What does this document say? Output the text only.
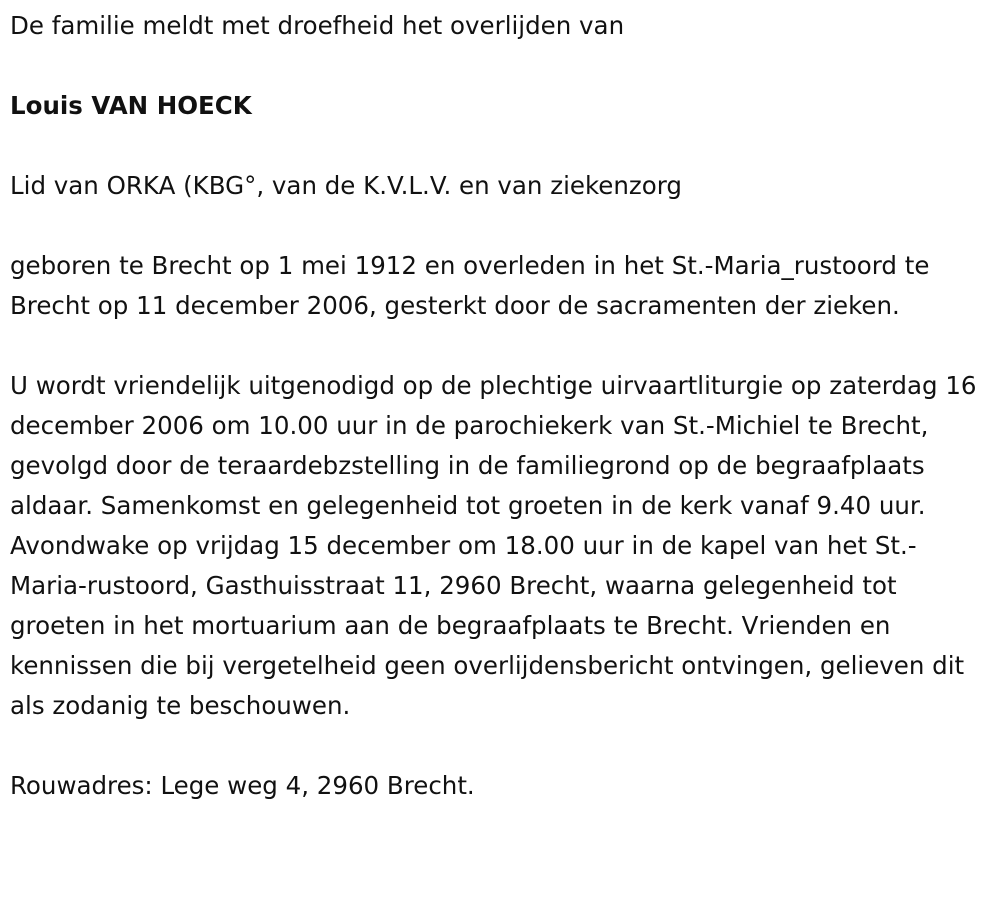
De familie meldt met droefheid het overlijden van

Louis VAN HOECK

Lid van ORKA (KBG°, van de K.V.L.V. en van ziekenzorg

geboren te Brecht op 1 mei 1912 en overleden in het St.-Maria_rustoord te Brecht op 11 december 2006, gesterkt door de sacramenten der zieken.

U wordt vriendelijk uitgenodigd op de plechtige uirvaartliturgie op zaterdag 16 december 2006 om 10.00 uur in de parochiekerk van St.-Michiel te Brecht, gevolgd door de teraardebzstelling in de familiegrond op de begraafplaats aldaar. Samenkomst en gelegenheid tot groeten in de kerk vanaf 9.40 uur. Avondwake op vrijdag 15 december om 18.00 uur in de kapel van het St.-Maria-rustoord, Gasthuisstraat 11, 2960 Brecht, waarna gelegenheid tot groeten in het mortuarium aan de begraafplaats te Brecht. Vrienden en kennissen die bij vergetelheid geen overlijdensbericht ontvingen, gelieven dit als zodanig te beschouwen.

Rouwadres: Lege weg 4, 2960 Brecht.
